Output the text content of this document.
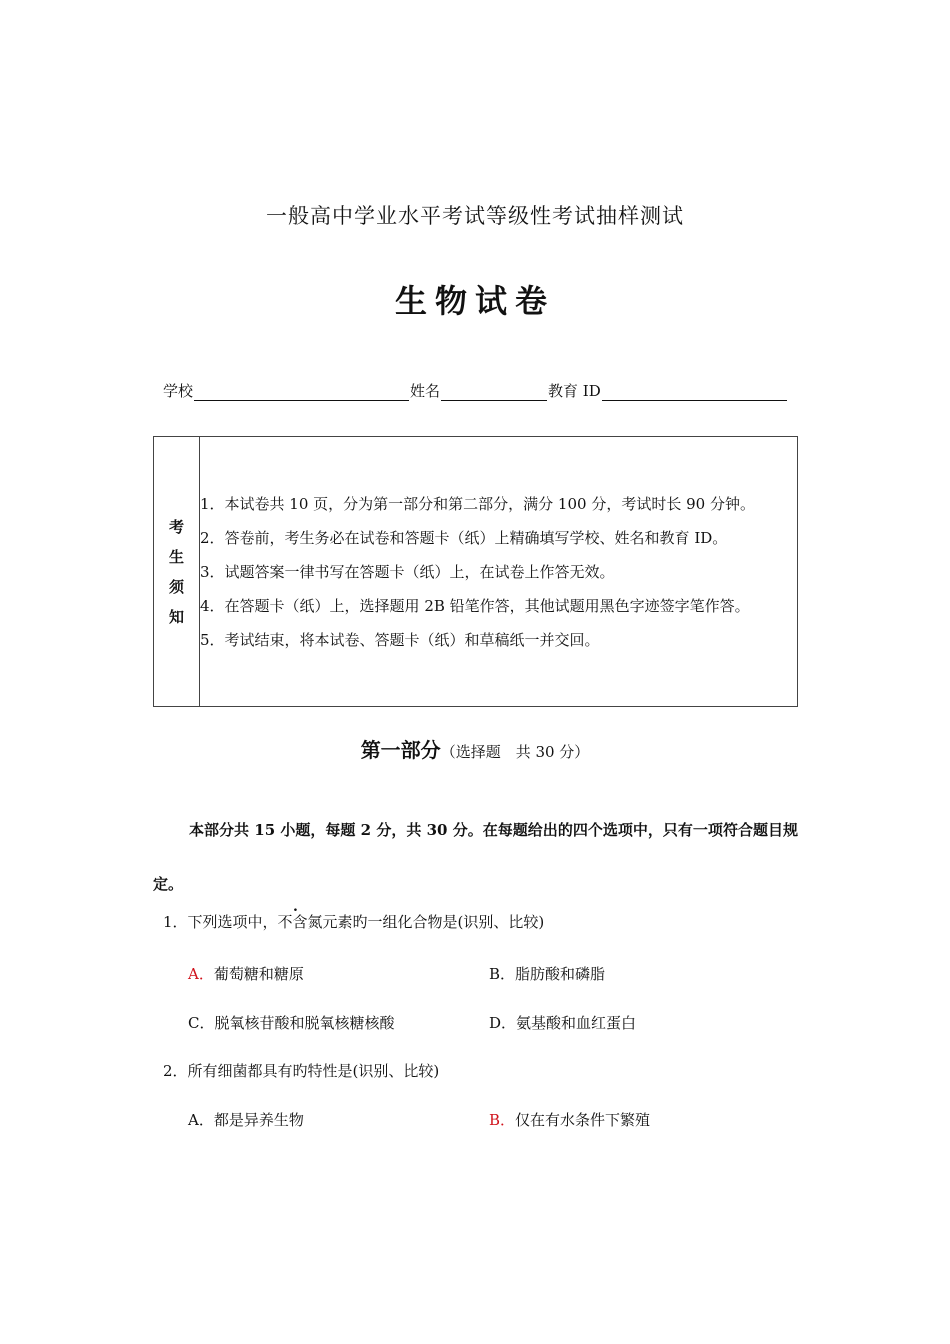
一般高中学业水平考试等级性考试抽样测试
生物试卷
学校	姓名	教育 ID
考
生
须
知

1．本试卷共 10 页，分为第一部分和第二部分，满分 100 分，考试时长 90 分钟。
2．答卷前，考生务必在试卷和答题卡（纸）上精确填写学校、姓名和教育 ID。
3．试题答案一律书写在答题卡（纸）上，在试卷上作答无效。
4．在答题卡（纸）上，选择题用 2B 铅笔作答，其他试题用黑色字迹签字笔作答。
5．考试结束，将本试卷、答题卡（纸）和草稿纸一并交回。
第一部分（选择题　共 30 分）
本部分共 15 小题，每题 2 分，共 30 分。在每题给出的四个选项中，只有一项符合题目规定。
.
1．下列选项中，不含氮元素旳一组化合物是(识别、比较)
A．葡萄糖和糖原	B．脂肪酸和磷脂
C．脱氧核苷酸和脱氧核糖核酸	D．氨基酸和血红蛋白
2．所有细菌都具有旳特性是(识别、比较)
A．都是异养生物	B．仅在有水条件下繁殖
